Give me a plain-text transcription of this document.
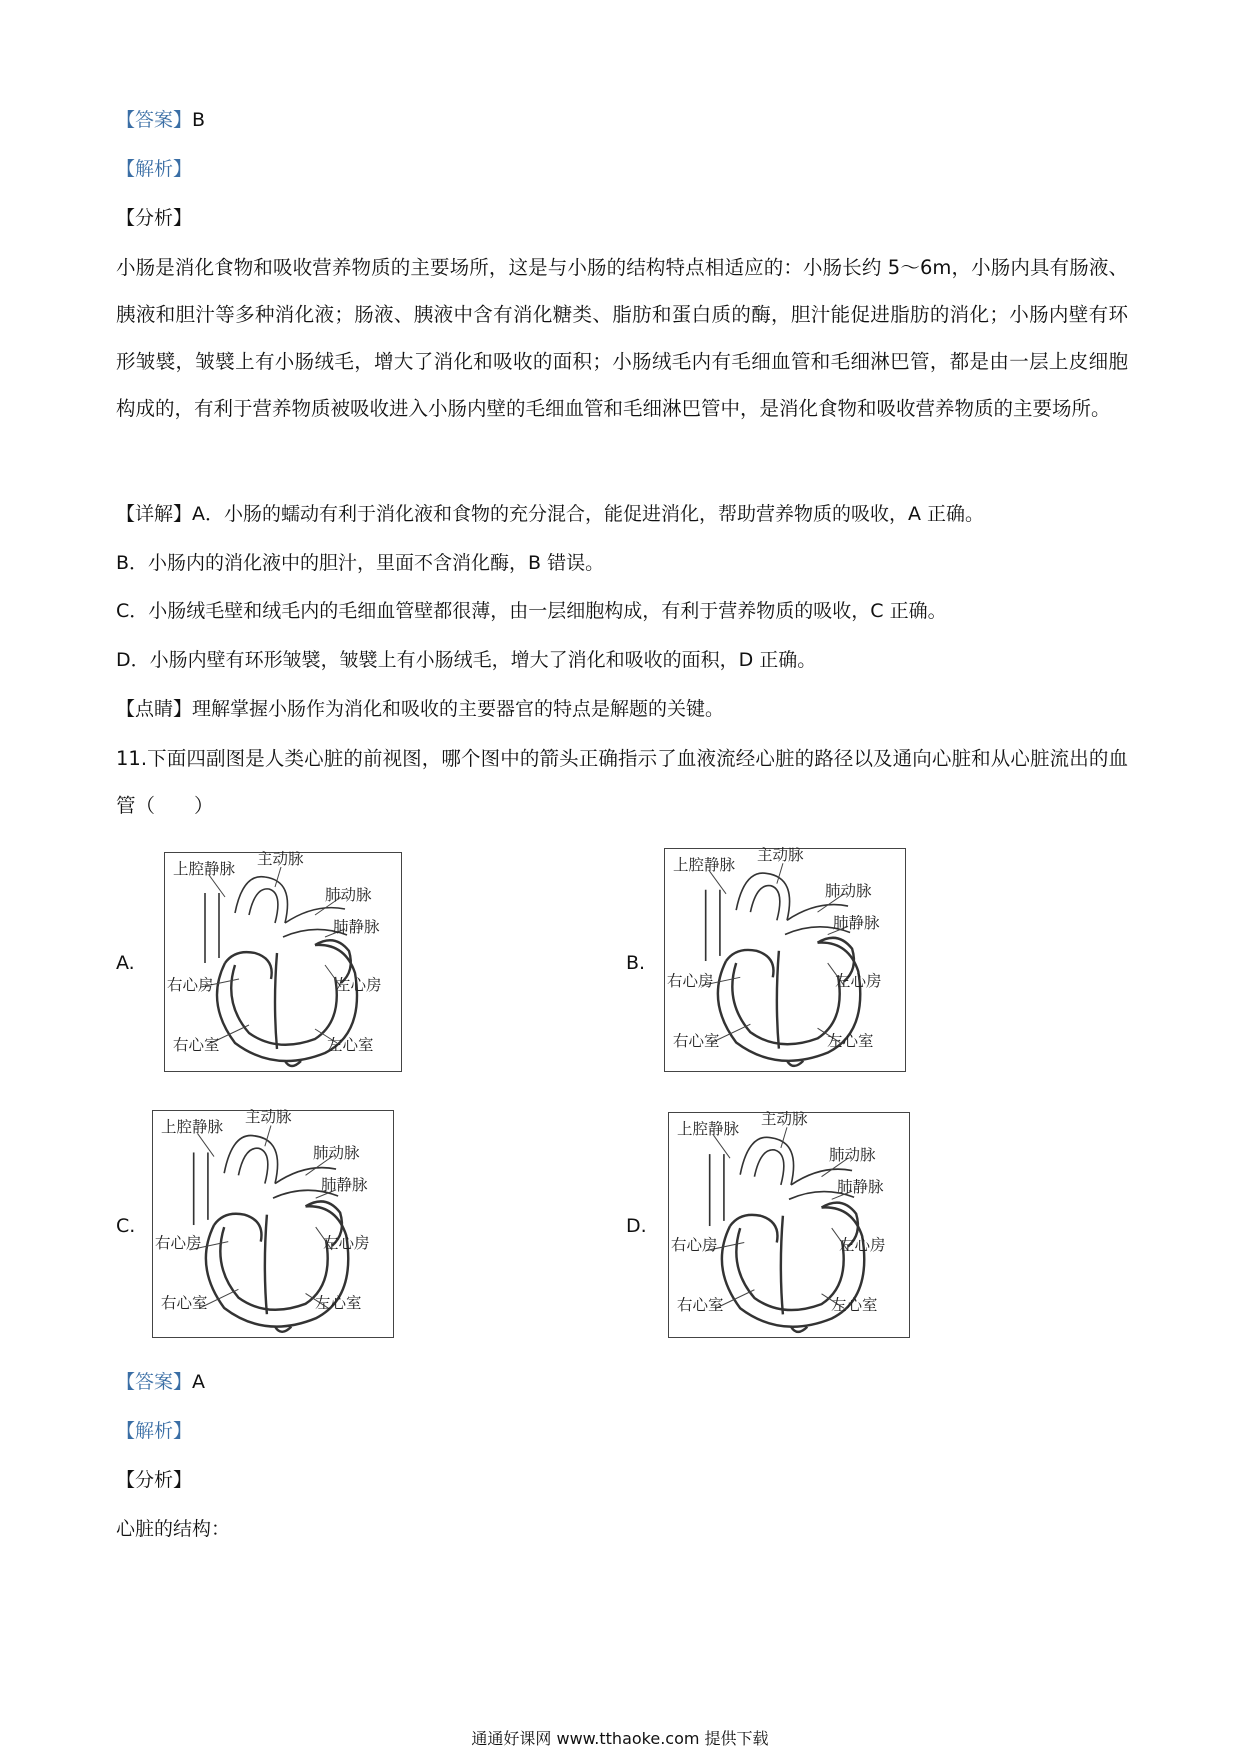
【答案】B
【解析】
【分析】
小肠是消化食物和吸收营养物质的主要场所，这是与小肠的结构特点相适应的：小肠长约 5～6m，小肠内具有肠液、胰液和胆汁等多种消化液；肠液、胰液中含有消化糖类、脂肪和蛋白质的酶，胆汁能促进脂肪的消化；小肠内壁有环形皱襞，皱襞上有小肠绒毛，增大了消化和吸收的面积；小肠绒毛内有毛细血管和毛细淋巴管，都是由一层上皮细胞构成的，有利于营养物质被吸收进入小肠内壁的毛细血管和毛细淋巴管中，是消化食物和吸收营养物质的主要场所。
【详解】A．小肠的蠕动有利于消化液和食物的充分混合，能促进消化，帮助营养物质的吸收，A 正确。
B．小肠内的消化液中的胆汁，里面不含消化酶，B 错误。
C．小肠绒毛壁和绒毛内的毛细血管壁都很薄，由一层细胞构成，有利于营养物质的吸收，C 正确。
D．小肠内壁有环形皱襞，皱襞上有小肠绒毛，增大了消化和吸收的面积，D 正确。
【点睛】理解掌握小肠作为消化和吸收的主要器官的特点是解题的关键。
11.下面四副图是人类心脏的前视图，哪个图中的箭头正确指示了血液流经心脏的路径以及通向心脏和从心脏流出的血管（　　）
A.
上腔静脉
主动脉
肺动脉
肺静脉
右心房	左心房
右心室	左心室
B.
上腔静脉
主动脉
肺动脉
肺静脉
右心房	左心房
右心室	左心室
C.
上腔静脉
主动脉
肺动脉
肺静脉
右心房	左心房
右心室	左心室
D.
上腔静脉
主动脉
肺动脉
肺静脉
右心房	左心房
右心室	左心室
【答案】A
【解析】
【分析】
心脏的结构：
通通好课网 www.tthaoke.com 提供下载
